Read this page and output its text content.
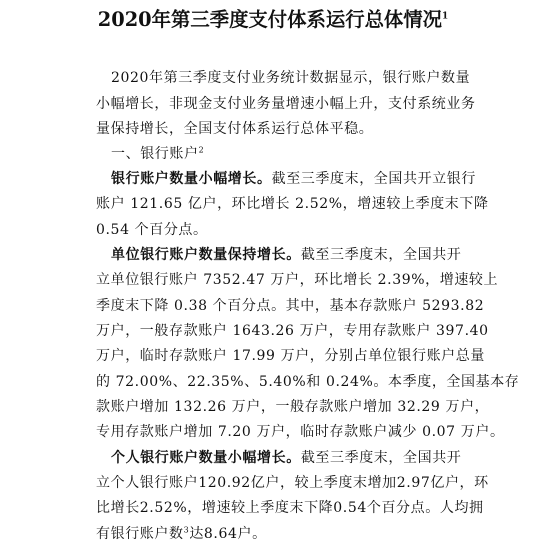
2020年第三季度支付体系运行总体情况$^1$
2020年第三季度支付业务统计数据显示，银行账户数量
小幅增长，非现金支付业务量增速小幅上升，支付系统业务
量保持增长，全国支付体系运行总体平稳。
一、银行账户$^2$
银行账户数量小幅增长。截至三季度末，全国共开立银行
账户 121.65 亿户，环比增长 2.52%，增速较上季度末下降
0.54 个百分点。
单位银行账户数量保持增长。截至三季度末，全国共开
立单位银行账户 7352.47 万户，环比增长 2.39%，增速较上
季度末下降 0.38 个百分点。其中，基本存款账户 5293.82
万户，一般存款账户 1643.26 万户，专用存款账户 397.40
万户，临时存款账户 17.99 万户，分别占单位银行账户总量
的 72.00%、22.35%、5.40%和 0.24%。本季度，全国基本存
款账户增加 132.26 万户，一般存款账户增加 32.29 万户，
专用存款账户增加 7.20 万户，临时存款账户减少 0.07 万户。
个人银行账户数量小幅增长。截至三季度末，全国共开
立个人银行账户120.92亿户，较上季度末增加2.97亿户，环
比增长2.52%，增速较上季度末下降0.54个百分点。人均拥
有银行账户数$^3$达8.64户。
